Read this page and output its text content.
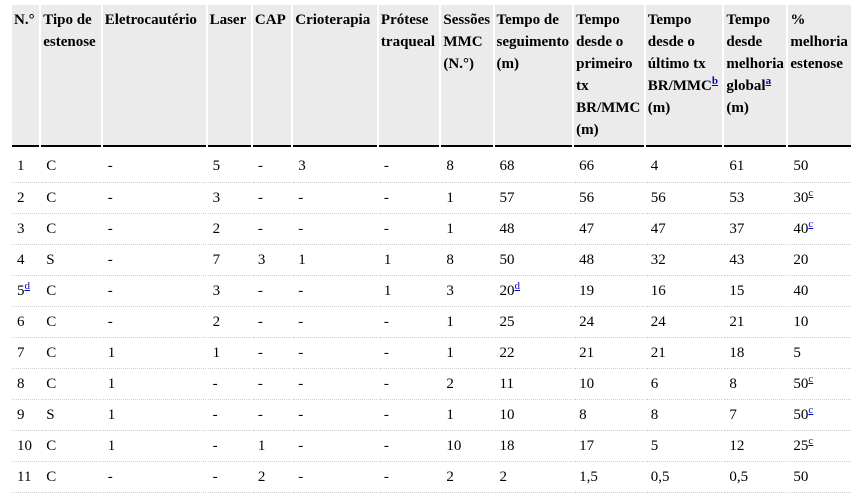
N.°	Tipo de estenose	Eletrocautério	Laser	CAP	Crioterapia	Prótese traqueal	Sessões MMC (N.°)	Tempo de seguimento (m)	Tempo desde o primeiro tx BR/MMC (m)	Tempo desde o último tx BR/MMC$^b$ (m)	Tempo desde melhoria global$^a$ (m)	% melhoria estenose
1	C	-	5	-	3	-	8	68	66	4	61	50
2	C	-	3	-	-	-	1	57	56	56	53	30$^c$
3	C	-	2	-	-	-	1	48	47	47	37	40$^c$
4	S	-	7	3	1	1	8	50	48	32	43	20
5$^d$	C	-	3	-	-	1	3	20$^d$	19	16	15	40
6	C	-	2	-	-	-	1	25	24	24	21	10
7	C	1	1	-	-	-	1	22	21	21	18	5
8	C	1	-	-	-	-	2	11	10	6	8	50$^c$
9	S	1	-	-	-	-	1	10	8	8	7	50$^c$
10	C	1	-	1	-	-	10	18	17	5	12	25$^c$
11	C	-	-	2	-	-	2	2	1,5	0,5	0,5	50
